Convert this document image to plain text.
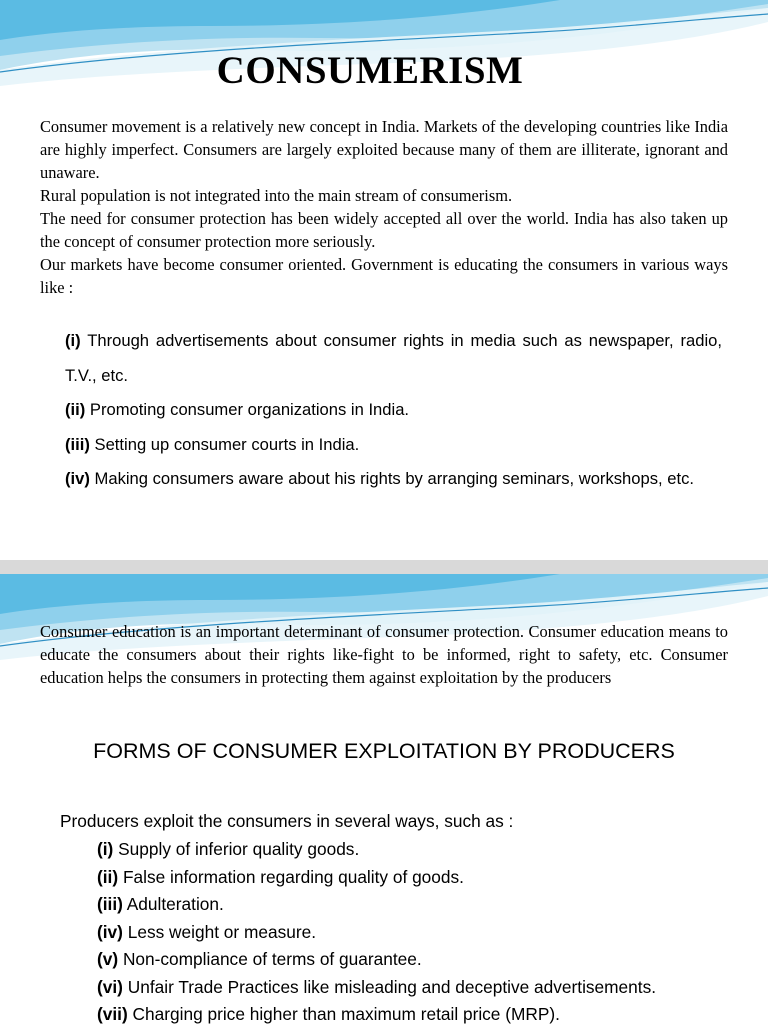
CONSUMERISM

Consumer movement is a relatively new concept in India. Markets of the developing countries like India are highly imperfect. Consumers are largely exploited because many of them are illiterate, ignorant and unaware.

Rural population is not integrated into the main stream of consumerism.

The need for consumer protection has been widely accepted all over the world. India has also taken up the concept of consumer protection more seriously.

Our markets have become consumer oriented. Government is educating the consumers in various ways like :

(i) Through advertisements about consumer rights in media such as newspaper, radio, T.V., etc.

(ii) Promoting consumer organizations in India.

(iii) Setting up consumer courts in India.

(iv) Making consumers aware about his rights by arranging seminars, workshops, etc.

Consumer education is an important determinant of consumer protection. Consumer education means to educate the consumers about their rights like-fight to be informed, right to safety, etc. Consumer education helps the consumers in protecting them against exploitation by the producers

FORMS OF CONSUMER EXPLOITATION BY PRODUCERS
Producers exploit the consumers in several ways, such as :

(i) Supply of inferior quality goods.

(ii) False information regarding quality of goods.

(iii) Adulteration.

(iv) Less weight or measure.

(v) Non-compliance of terms of guarantee.

(vi) Unfair Trade Practices like misleading and deceptive advertisements.

(vii) Charging price higher than maximum retail price (MRP).
